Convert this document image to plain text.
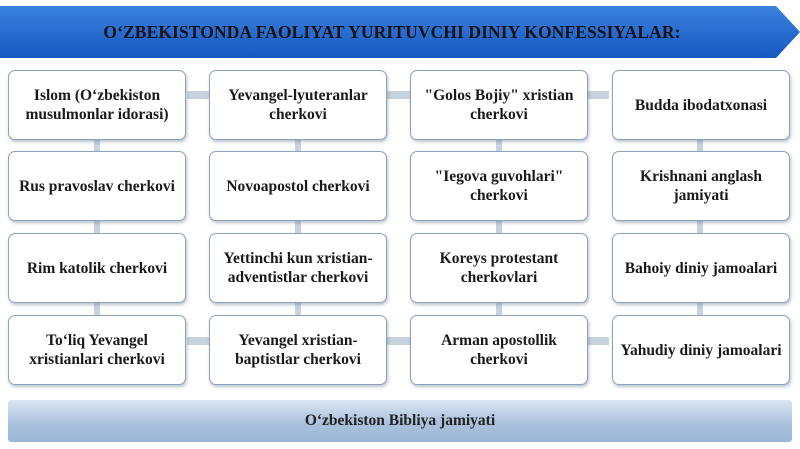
O‘ZBEKISTONDA FAOLIYAT YURITUVCHI DINIY KONFESSIYALAR:
Islom (O‘zbekiston musulmonlar idorasi)
Rus pravoslav cherkovi
Rim katolik cherkovi
To‘liq Yevangel xristianlari cherkovi
Yevangel-lyuteranlar cherkovi
Novoapostol cherkovi
Yettinchi kun xristian-adventistlar cherkovi
Yevangel xristian-baptistlar cherkovi
"Golos Bojiy" xristian cherkovi
"Iegova guvohlari" cherkovi
Koreys protestant cherkovlari
Arman apostollik cherkovi
Budda ibodatxonasi
Krishnani anglash jamiyati
Bahoiy diniy jamoalari
Yahudiy diniy jamoalari
O‘zbekiston Bibliya jamiyati
